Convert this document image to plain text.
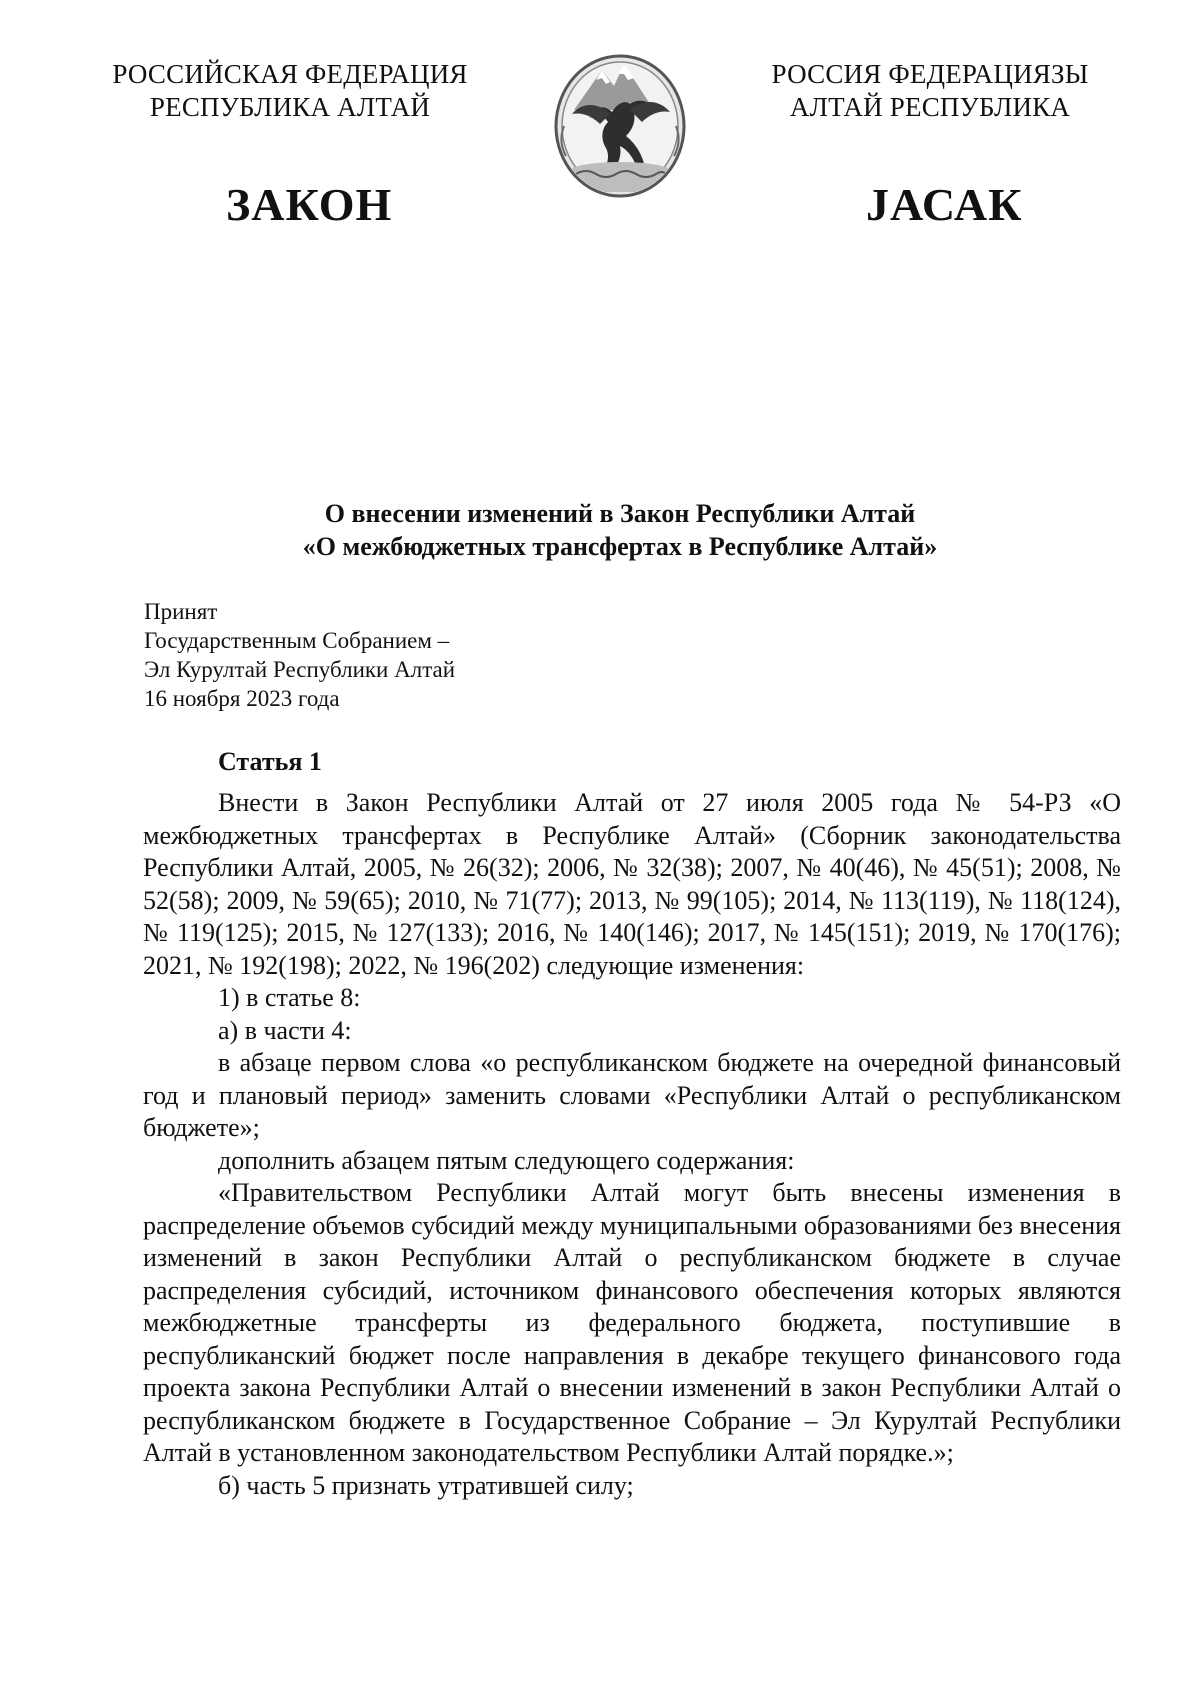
РОССИЙСКАЯ ФЕДЕРАЦИЯ
РЕСПУБЛИКА АЛТАЙ
РОССИЯ ФЕДЕРАЦИЯЗЫ
АЛТАЙ РЕСПУБЛИКА
ЗАКОН	JАСАК
О внесении изменений в Закон Республики Алтай
«О межбюджетных трансфертах в Республике Алтай»
Принят
Государственным Собранием –
Эл Курултай Республики Алтай
16 ноября 2023 года
Статья 1

Внести в Закон Республики Алтай от 27 июля 2005 года № 54-РЗ «О межбюджетных трансфертах в Республике Алтай» (Сборник законодательства Республики Алтай, 2005, № 26(32); 2006, № 32(38); 2007, № 40(46), № 45(51); 2008, № 52(58); 2009, № 59(65); 2010, № 71(77); 2013, № 99(105); 2014, № 113(119), № 118(124), № 119(125); 2015, № 127(133); 2016, № 140(146); 2017, № 145(151); 2019, № 170(176); 2021, № 192(198); 2022, № 196(202) следующие изменения:

1) в статье 8:

а) в части 4:

в абзаце первом слова «о республиканском бюджете на очередной финансовый год и плановый период» заменить словами «Республики Алтай о республиканском бюджете»;

дополнить абзацем пятым следующего содержания:

«Правительством Республики Алтай могут быть внесены изменения в распределение объемов субсидий между муниципальными образованиями без внесения изменений в закон Республики Алтай о республиканском бюджете в случае распределения субсидий, источником финансового обеспечения которых являются межбюджетные трансферты из федерального бюджета, поступившие в республиканский бюджет после направления в декабре текущего финансового года проекта закона Республики Алтай о внесении изменений в закон Республики Алтай о республиканском бюджете в Государственное Собрание – Эл Курултай Республики Алтай в установленном законодательством Республики Алтай порядке.»;

б) часть 5 признать утратившей силу;
